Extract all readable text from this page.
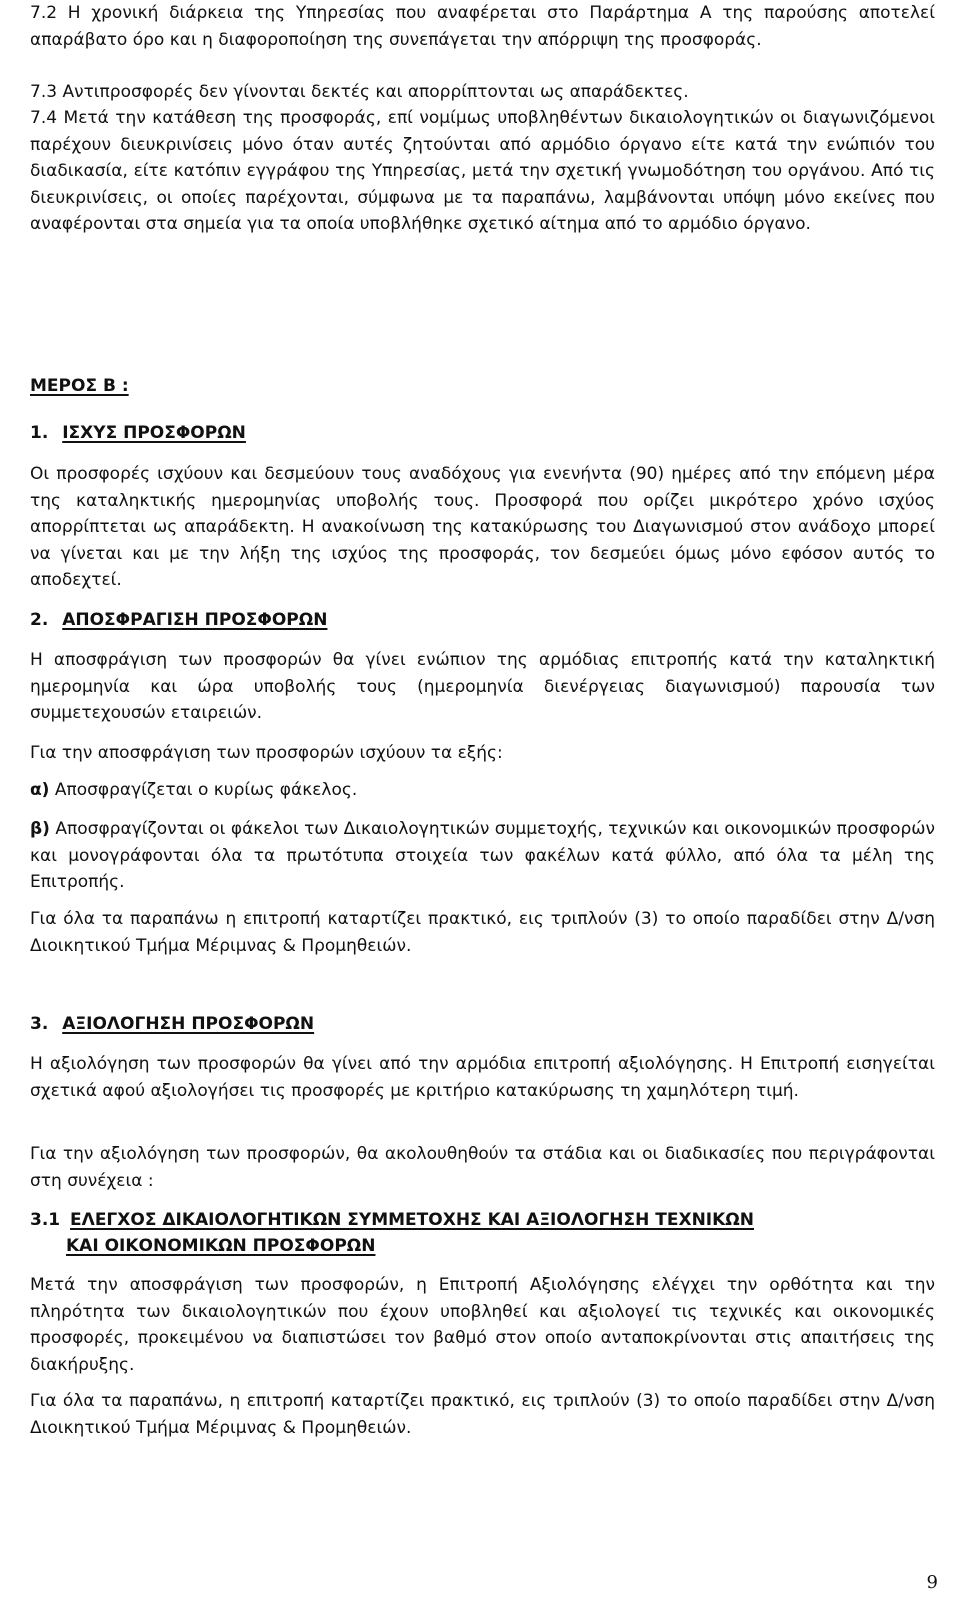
7.2 Η χρονική διάρκεια της Υπηρεσίας που αναφέρεται στο Παράρτημα Α της παρούσης αποτελεί απαράβατο όρο και η διαφοροποίηση της συνεπάγεται την απόρριψη της προσφοράς.

7.3 Αντιπροσφορές δεν γίνονται δεκτές και απορρίπτονται ως απαράδεκτες.

7.4 Μετά την κατάθεση της προσφοράς, επί νομίμως υποβληθέντων δικαιολογητικών οι διαγωνιζόμενοι παρέχουν διευκρινίσεις μόνο όταν αυτές ζητούνται από αρμόδιο όργανο είτε κατά την ενώπιόν του διαδικασία, είτε κατόπιν εγγράφου της Υπηρεσίας, μετά την σχετική γνωμοδότηση του οργάνου. Από τις διευκρινίσεις, οι οποίες παρέχονται, σύμφωνα με τα παραπάνω, λαμβάνονται υπόψη μόνο εκείνες που αναφέρονται στα σημεία για τα οποία υποβλήθηκε σχετικό αίτημα από το αρμόδιο όργανο.

ΜΕΡΟΣ Β :

1. ΙΣΧΥΣ ΠΡΟΣΦΟΡΩΝ

Οι προσφορές ισχύουν και δεσμεύουν τους αναδόχους για ενενήντα (90) ημέρες από την επόμενη μέρα της καταληκτικής ημερομηνίας υποβολής τους. Προσφορά που ορίζει μικρότερο χρόνο ισχύος απορρίπτεται ως απαράδεκτη. Η ανακοίνωση της κατακύρωσης του Διαγωνισμού στον ανάδοχο μπορεί να γίνεται και με την λήξη της ισχύος της προσφοράς, τον δεσμεύει όμως μόνο εφόσον αυτός το αποδεχτεί.

2. ΑΠΟΣΦΡΑΓΙΣΗ ΠΡΟΣΦΟΡΩΝ

Η αποσφράγιση των προσφορών θα γίνει ενώπιον της αρμόδιας επιτροπής κατά την καταληκτική ημερομηνία και ώρα υποβολής τους (ημερομηνία διενέργειας διαγωνισμού) παρουσία των συμμετεχουσών εταιρειών.

Για την αποσφράγιση των προσφορών ισχύουν τα εξής:

α) Αποσφραγίζεται ο κυρίως φάκελος.

β) Αποσφραγίζονται οι φάκελοι των Δικαιολογητικών συμμετοχής, τεχνικών και οικονομικών προσφορών και μονογράφονται όλα τα πρωτότυπα στοιχεία των φακέλων κατά φύλλο, από όλα τα μέλη της Επιτροπής.

Για όλα τα παραπάνω η επιτροπή καταρτίζει πρακτικό, εις τριπλούν (3) το οποίο παραδίδει στην Δ/νση Διοικητικού Τμήμα Μέριμνας & Προμηθειών.

3. ΑΞΙΟΛΟΓΗΣΗ ΠΡΟΣΦΟΡΩΝ

Η αξιολόγηση των προσφορών θα γίνει από την αρμόδια επιτροπή αξιολόγησης. Η Επιτροπή εισηγείται σχετικά αφού αξιολογήσει τις προσφορές με κριτήριο κατακύρωσης τη χαμηλότερη τιμή.

Για την αξιολόγηση των προσφορών, θα ακολουθηθούν τα στάδια και οι διαδικασίες που περιγράφονται στη συνέχεια :

3.1 ΕΛΕΓΧΟΣ ΔΙΚΑΙΟΛΟΓΗΤΙΚΩΝ ΣΥΜΜΕΤΟΧΗΣ ΚΑΙ ΑΞΙΟΛΟΓΗΣΗ ΤΕΧΝΙΚΩΝ

ΚΑΙ ΟΙΚΟΝΟΜΙΚΩΝ ΠΡΟΣΦΟΡΩΝ

Μετά την αποσφράγιση των προσφορών, η Επιτροπή Αξιολόγησης ελέγχει την ορθότητα και την πληρότητα των δικαιολογητικών που έχουν υποβληθεί και αξιολογεί τις τεχνικές και οικονομικές προσφορές, προκειμένου να διαπιστώσει τον βαθμό στον οποίο ανταποκρίνονται στις απαιτήσεις της διακήρυξης.

Για όλα τα παραπάνω, η επιτροπή καταρτίζει πρακτικό, εις τριπλούν (3) το οποίο παραδίδει στην Δ/νση Διοικητικού Τμήμα Μέριμνας & Προμηθειών.

9
